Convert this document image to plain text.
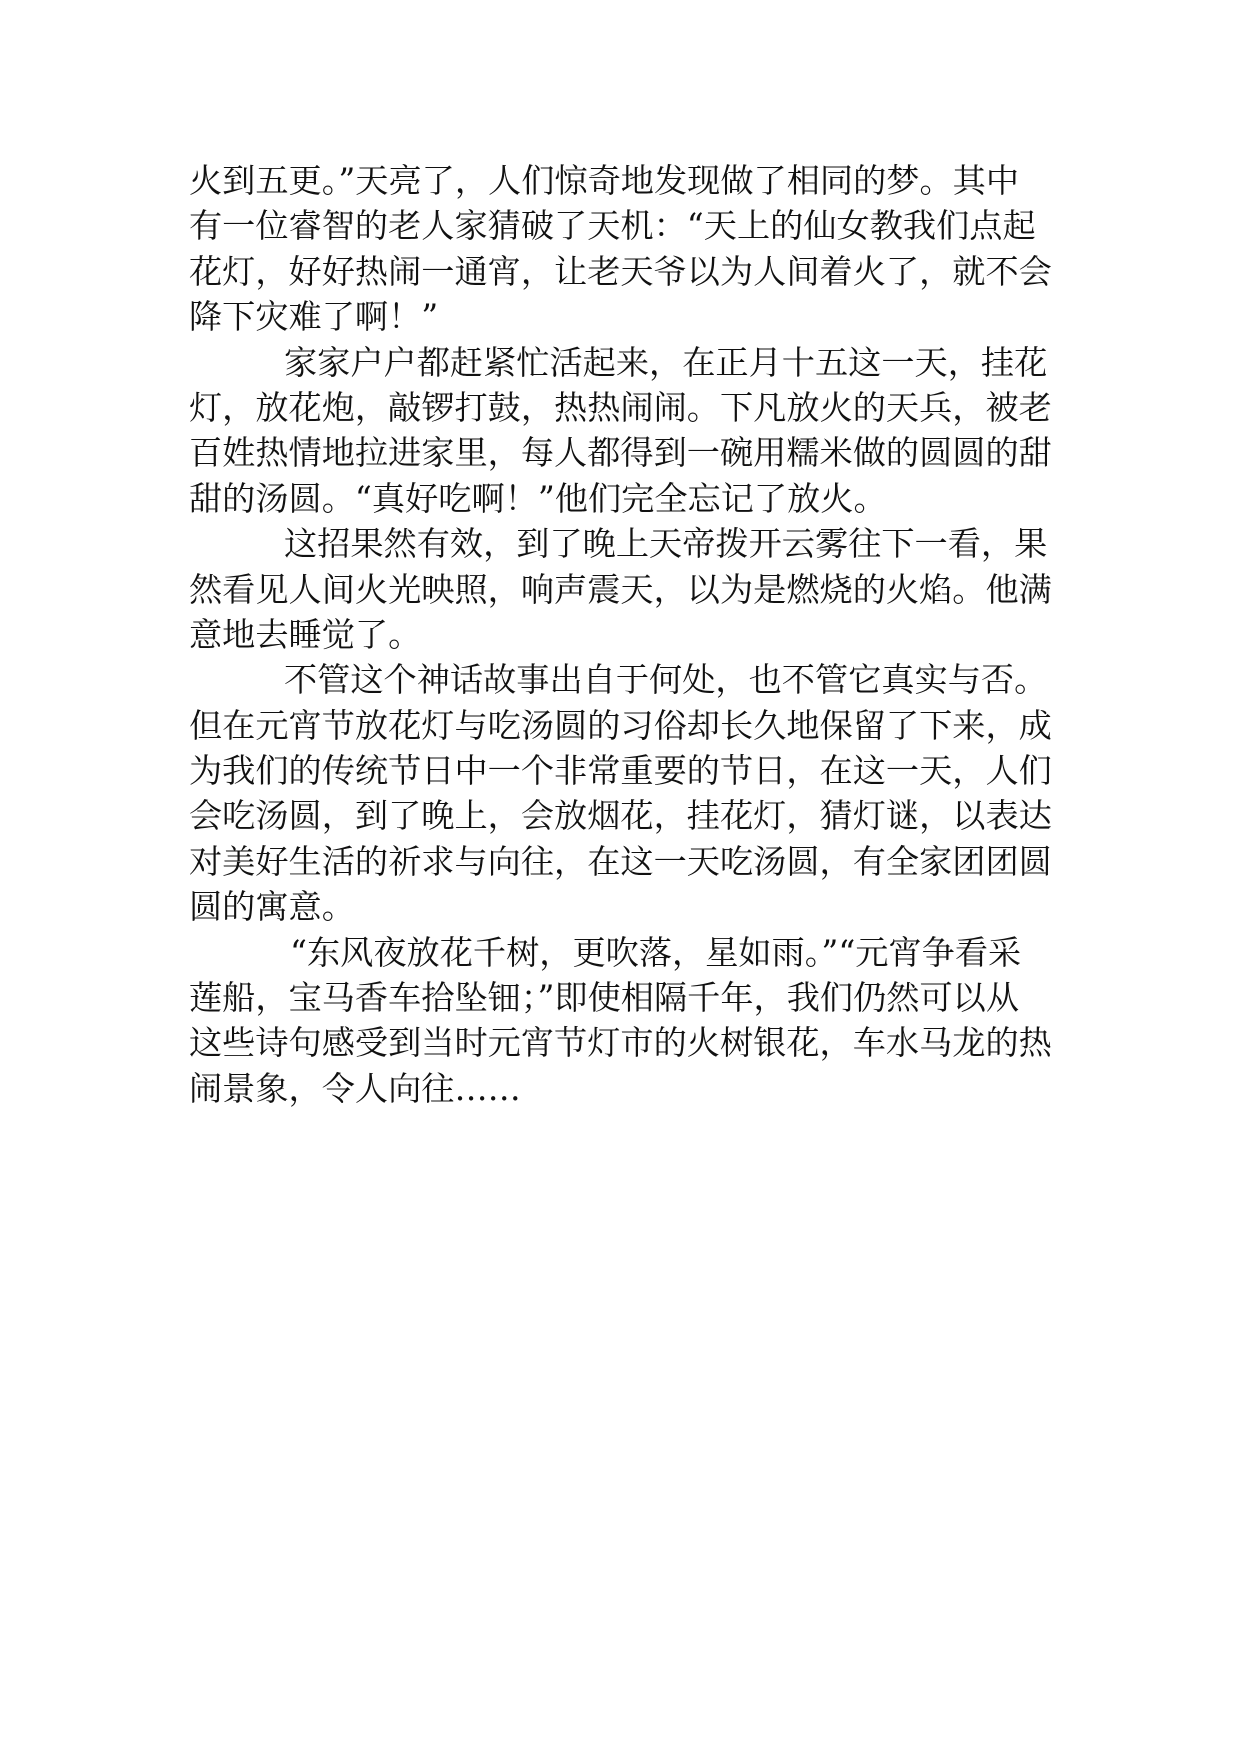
火到五更。”天亮了，人们惊奇地发现做了相同的梦。其中
有一位睿智的老人家猜破了天机：“天上的仙女教我们点起
花灯，好好热闹一通宵，让老天爷以为人间着火了，就不会
降下灾难了啊！”
家家户户都赶紧忙活起来，在正月十五这一天，挂花
灯，放花炮，敲锣打鼓，热热闹闹。下凡放火的天兵，被老
百姓热情地拉进家里，每人都得到一碗用糯米做的圆圆的甜
甜的汤圆。“真好吃啊！”他们完全忘记了放火。
这招果然有效，到了晚上天帝拨开云雾往下一看，果
然看见人间火光映照，响声震天，以为是燃烧的火焰。他满
意地去睡觉了。
不管这个神话故事出自于何处，也不管它真实与否。
但在元宵节放花灯与吃汤圆的习俗却长久地保留了下来，成
为我们的传统节日中一个非常重要的节日，在这一天，人们
会吃汤圆，到了晚上，会放烟花，挂花灯，猜灯谜，以表达
对美好生活的祈求与向往，在这一天吃汤圆，有全家团团圆
圆的寓意。
“东风夜放花千树，更吹落，星如雨。”“元宵争看采
莲船，宝马香车拾坠钿；”即使相隔千年，我们仍然可以从
这些诗句感受到当时元宵节灯市的火树银花，车水马龙的热
闹景象，令人向往……
